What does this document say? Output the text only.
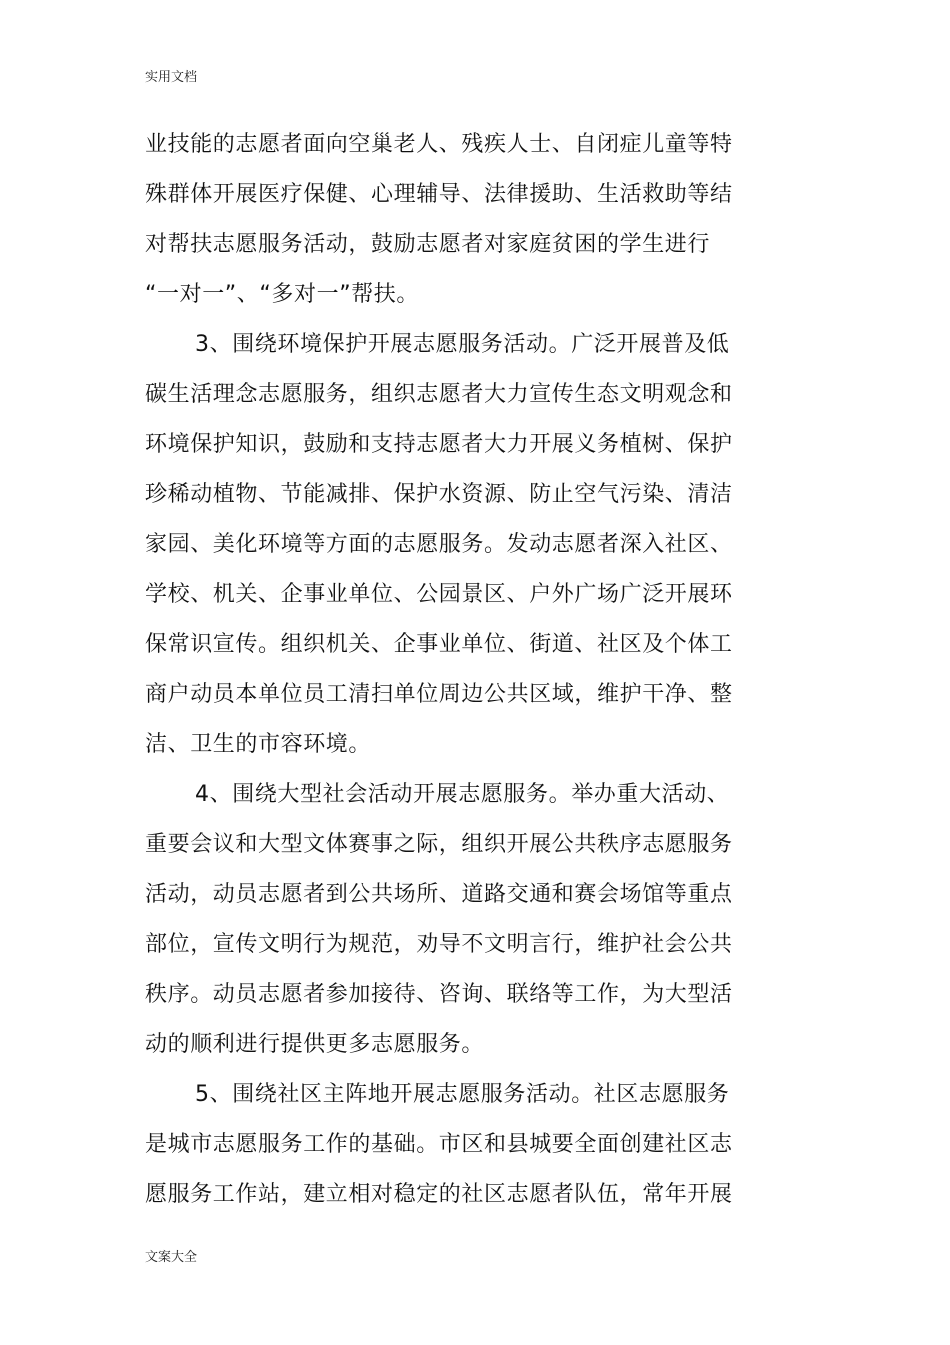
实用文档
业技能的志愿者面向空巢老人、残疾人士、自闭症儿童等特
殊群体开展医疗保健、心理辅导、法律援助、生活救助等结
对帮扶志愿服务活动，鼓励志愿者对家庭贫困的学生进行
“一对一”、“多对一”帮扶。
3、围绕环境保护开展志愿服务活动。广泛开展普及低
碳生活理念志愿服务，组织志愿者大力宣传生态文明观念和
环境保护知识，鼓励和支持志愿者大力开展义务植树、保护
珍稀动植物、节能减排、保护水资源、防止空气污染、清洁
家园、美化环境等方面的志愿服务。发动志愿者深入社区、
学校、机关、企事业单位、公园景区、户外广场广泛开展环
保常识宣传。组织机关、企事业单位、街道、社区及个体工
商户动员本单位员工清扫单位周边公共区域，维护干净、整
洁、卫生的市容环境。
4、围绕大型社会活动开展志愿服务。举办重大活动、
重要会议和大型文体赛事之际，组织开展公共秩序志愿服务
活动，动员志愿者到公共场所、道路交通和赛会场馆等重点
部位，宣传文明行为规范，劝导不文明言行，维护社会公共
秩序。动员志愿者参加接待、咨询、联络等工作，为大型活
动的顺利进行提供更多志愿服务。
5、围绕社区主阵地开展志愿服务活动。社区志愿服务
是城市志愿服务工作的基础。市区和县城要全面创建社区志
愿服务工作站，建立相对稳定的社区志愿者队伍，常年开展
文案大全
